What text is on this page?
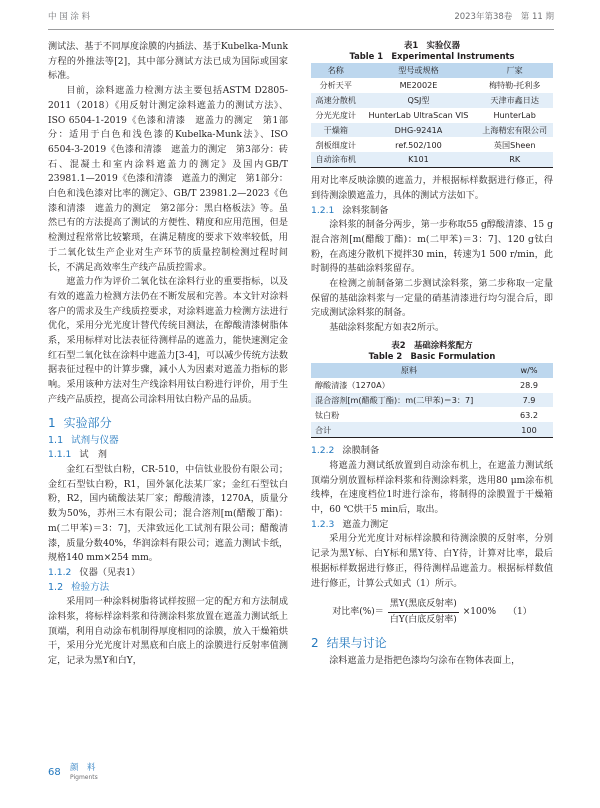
中 国 涂 料	2023年第38卷　第 11 期

测试法、基于不同厚度涂膜的内插法、基于Kubelka-Munk方程的外推法等[2]，其中部分测试方法已成为国际或国家标准。

目前，涂料遮盖力检测方法主要包括ASTM D2805-2011（2018）《用反射计测定涂料遮盖力的测试方法》、ISO 6504-1-2019《色漆和清漆　遮盖力的测定　第1部分：适用于白色和浅色漆的Kubelka-Munk法》、ISO 6504-3-2019《色漆和清漆　遮盖力的测定　第3部分：砖石、混凝土和室内涂料遮盖力的测定》及国内GB/T 23981.1—2019《色漆和清漆　遮盖力的测定　第1部分：白色和浅色漆对比率的测定》、GB/T 23981.2—2023《色漆和清漆　遮盖力的测定　第2部分：黑白格板法》等。虽然已有的方法提高了测试的方便性、精度和应用范围，但是检测过程常常比较繁琐，在满足精度的要求下效率较低，用于二氧化钛生产企业对生产环节的质量控制检测过程时间长，不满足高效率生产线产品质控需求。

遮盖力作为评价二氧化钛在涂料行业的重要指标，以及有效的遮盖力检测方法仍在不断发展和完善。本文针对涂料客户的需求及生产线质控要求，对涂料遮盖力检测方法进行优化，采用分光光度计替代传统目测法，在醇酸清漆树脂体系，采用标样对比法表征待测样品的遮盖力，能快速测定金红石型二氧化钛在涂料中遮盖力[3-4]，可以减少传统方法数据表征过程中的计算步骤，减小人为因素对遮盖力指标的影响。采用该种方法对生产线涂料用钛白粉进行评价，用于生产线产品质控，提高公司涂料用钛白粉产品的品质。

1 实验部分
1.1 试剂与仪器
1.1.1 试　剂

金红石型钛白粉，CR-510，中信钛业股份有限公司；金红石型钛白粉，R1，国外氯化法某厂家；金红石型钛白粉，R2，国内硫酸法某厂家；醇酸清漆，1270A，质量分数为50%，苏州三木有限公司；混合溶剂[m(醋酸丁酯)：m(二甲苯)＝3：7]，天津致远化工试剂有限公司；醋酸清漆，质量分数40%，华润涂料有限公司；遮盖力测试卡纸，规格140 mm×254 mm。

1.1.2 仪器（见表1）
1.2 检验方法

采用同一种涂料树脂将试样按照一定的配方和方法制成涂料浆，将标样涂料浆和待测涂料浆放置在遮盖力测试纸上顶端，利用自动涂布机制得厚度相同的涂膜，放入干燥箱烘干，采用分光光度计对黑底和白底上的涂膜进行反射率值测定，记录为黑Y和白Y，

表1　实验仪器
Table 1　Experimental Instruments
名称	型号或规格	厂家
分析天平	ME2002E	梅特勒-托利多
高速分散机	QSJ型	天津市鑫日达
分光光度计	HunterLab UltraScan VIS	HunterLab
干燥箱	DHG-9241A	上海精宏有限公司
刮板细度计	ref.502/100	英国Sheen
自动涂布机	K101	RK

用对比率反映涂膜的遮盖力，并根据标样数据进行修正，得到待测涂膜遮盖力，具体的测试方法如下。

1.2.1 涂料浆制备

涂料浆的制备分两步，第一步称取55 g醇酸清漆、15 g混合溶剂[m(醋酸丁酯)：m(二甲苯)＝3：7]、120 g钛白粉，在高速分散机下搅拌30 min，转速为1 500 r/min，此时制得的基础涂料浆留存。

在检测之前制备第二步测试涂料浆，第二步称取一定量保留的基础涂料浆与一定量的硝基清漆进行均匀混合后，即完成测试涂料浆的制备。

基础涂料浆配方如表2所示。

表2　基础涂料浆配方
Table 2　Basic Formulation
原料	w/%
醇酸清漆（1270A）	28.9
混合溶剂[m(醋酸丁酯)：m(二甲苯)＝3：7]	7.9
钛白粉	63.2
合计	100
1.2.2 涂膜制备

将遮盖力测试纸放置到自动涂布机上，在遮盖力测试纸顶端分别放置标样涂料浆和待测涂料浆，选用80 μm涂布机线棒，在速度档位1时进行涂布，将制得的涂膜置于干燥箱中，60 ℃烘干5 min后，取出。

1.2.3 遮盖力测定

采用分光光度计对标样涂膜和待测涂膜的反射率，分别记录为黑Y标、白Y标和黑Y待、白Y待，计算对比率，最后根据标样数据进行修正，得待测样品遮盖力。根据标样数值进行修正，计算公式如式（1）所示。

对比率(%)＝ $\frac{\text{黑Y(黑底反射率)}}{\text{白Y(白底反射率)}} \times 100\%$ （1）
2 结果与讨论

涂料遮盖力是指把色漆均匀涂布在物体表面上，

68 颜　料
Pigments
